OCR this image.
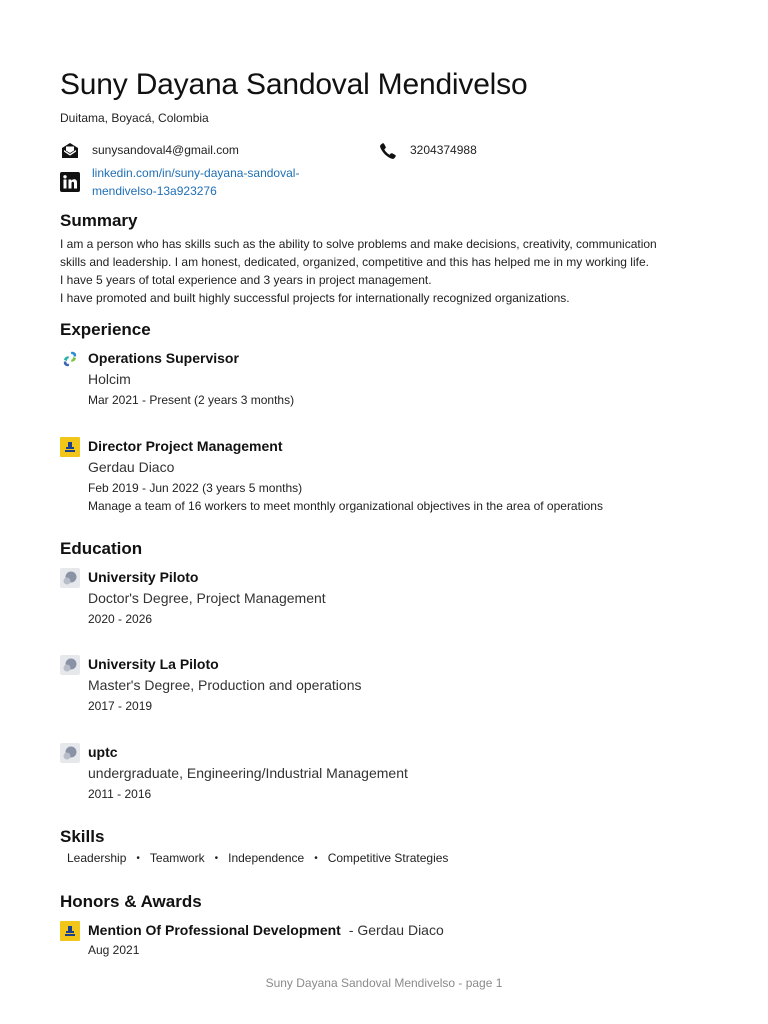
Suny Dayana Sandoval Mendivelso
Duitama, Boyacá, Colombia
sunysandoval4@gmail.com	3204374988
linkedin.com/in/suny-dayana-sandoval-
mendivelso-13a923276
Summary
I am a person who has skills such as the ability to solve problems and make decisions, creativity, communication
skills and leadership. I am honest, dedicated, organized, competitive and this has helped me in my working life.
I have 5 years of total experience and 3 years in project management.
I have promoted and built highly successful projects for internationally recognized organizations.
Experience
Operations Supervisor
Holcim
Mar 2021 - Present (2 years 3 months)
Director Project Management
Gerdau Diaco
Feb 2019 - Jun 2022 (3 years 5 months)
Manage a team of 16 workers to meet monthly organizational objectives in the area of operations
Education
University Piloto
Doctor's Degree, Project Management
2020 - 2026
University La Piloto
Master's Degree, Production and operations
2017 - 2019
uptc
undergraduate, Engineering/Industrial Management
2011 - 2016
Skills
Leadership • Teamwork • Independence • Competitive Strategies
Honors & Awards
Mention Of Professional Development - Gerdau Diaco
Aug 2021
Suny Dayana Sandoval Mendivelso - page 1
